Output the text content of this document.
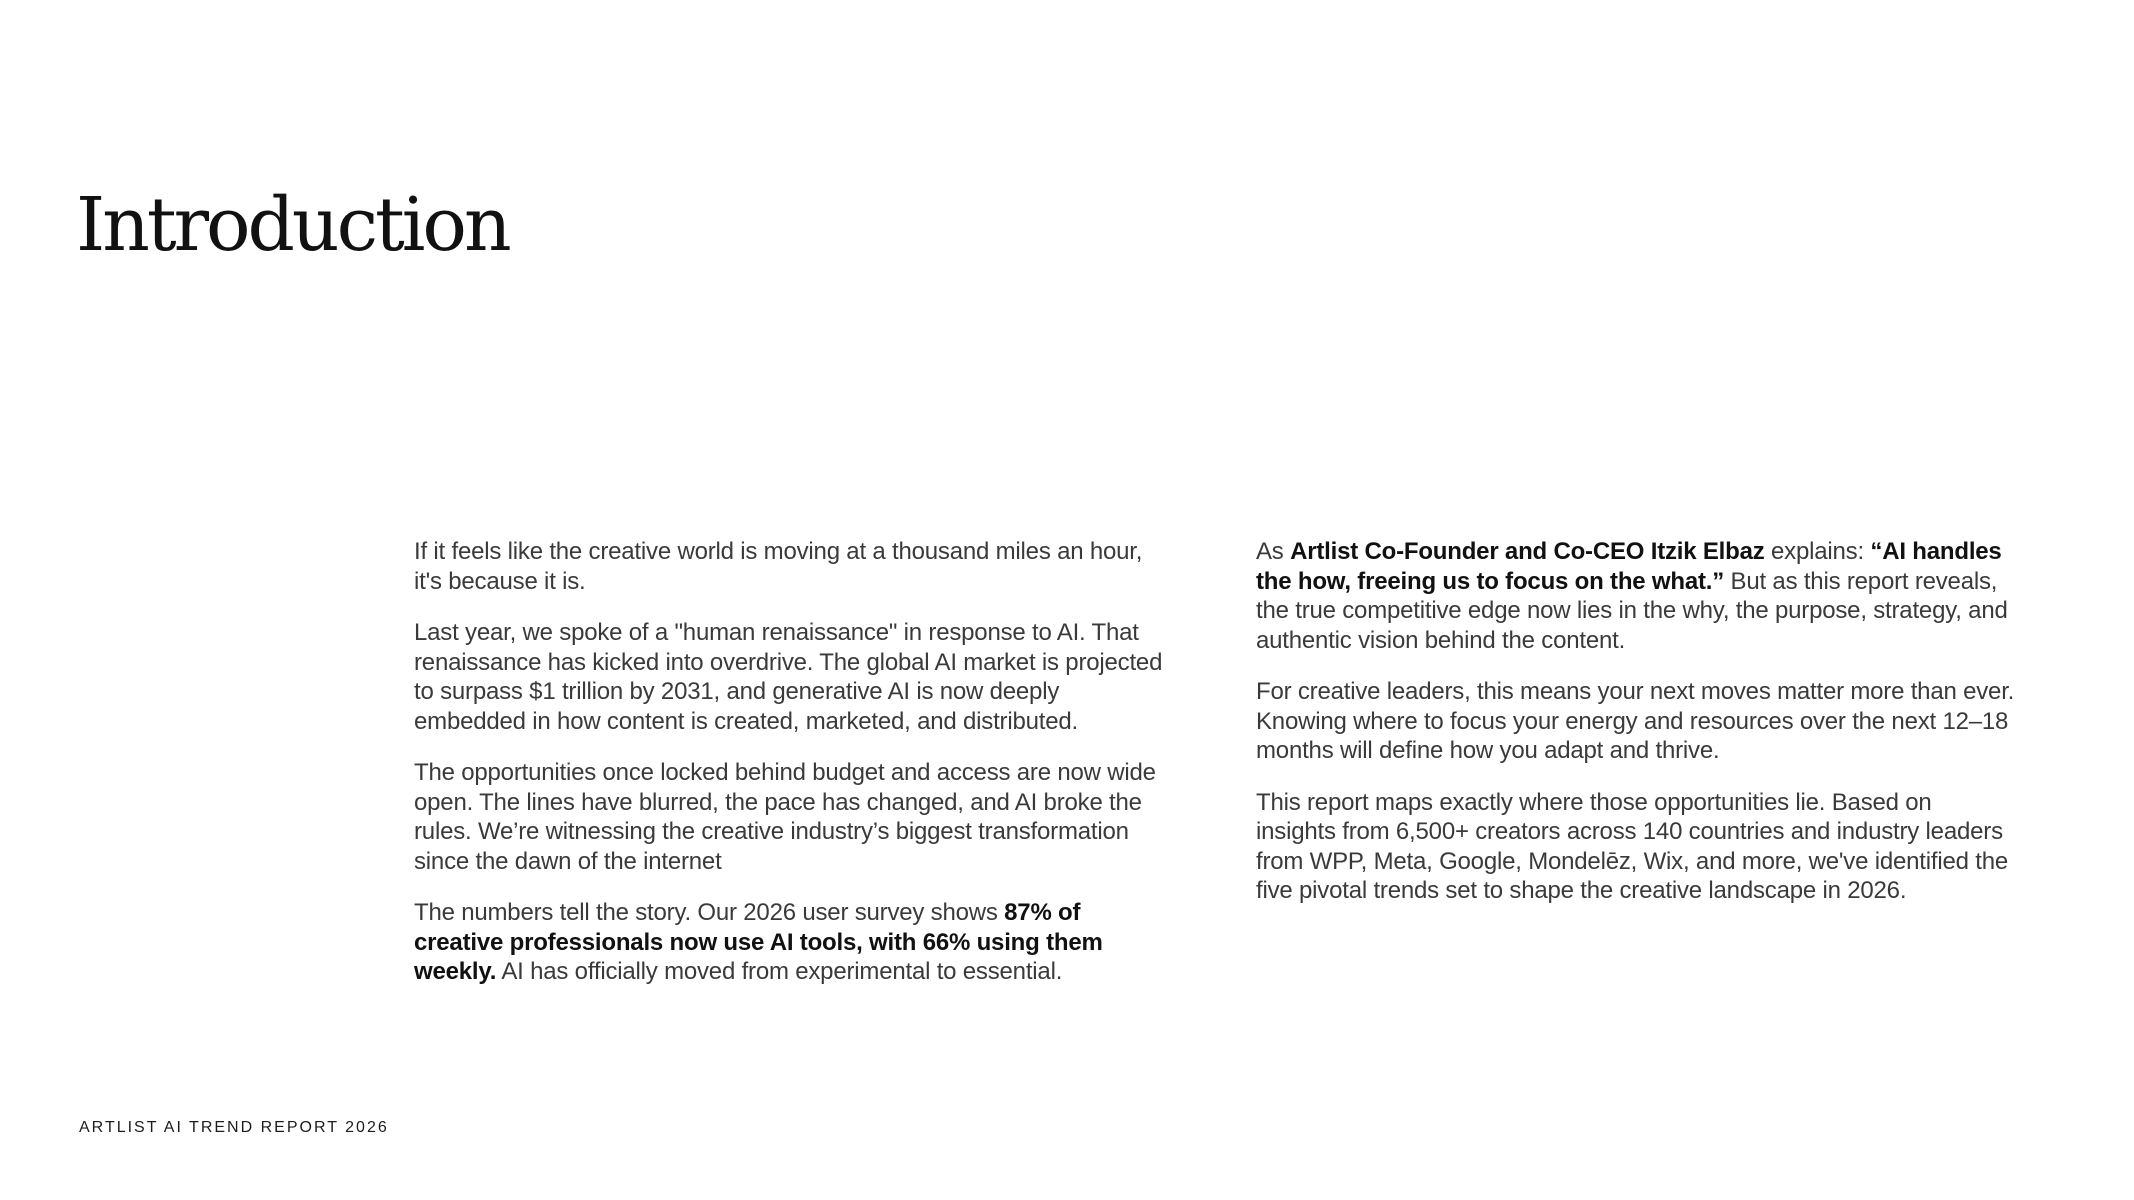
Introduction

If it feels like the creative world is moving at a thousand miles an hour, it's because it is.

Last year, we spoke of a "human renaissance" in response to AI. That renaissance has kicked into overdrive. The global AI market is projected to surpass $1 trillion by 2031, and generative AI is now deeply embedded in how content is created, marketed, and distributed.

The opportunities once locked behind budget and access are now wide open. The lines have blurred, the pace has changed, and AI broke the rules. We’re witnessing the creative industry’s biggest transformation since the dawn of the internet

The numbers tell the story. Our 2026 user survey shows 87% of creative professionals now use AI tools, with 66% using them weekly. AI has officially moved from experimental to essential.

As Artlist Co-Founder and Co-CEO Itzik Elbaz explains: “AI handles the how, freeing us to focus on the what.” But as this report reveals, the true competitive edge now lies in the why, the purpose, strategy, and authentic vision behind the content.

For creative leaders, this means your next moves matter more than ever. Knowing where to focus your energy and resources over the next 12–18 months will define how you adapt and thrive.

This report maps exactly where those opportunities lie. Based on insights from 6,500+ creators across 140 countries and industry leaders from WPP, Meta, Google, Mondelēz, Wix, and more, we've identified the five pivotal trends set to shape the creative landscape in 2026.

ARTLIST AI TREND REPORT 2026
